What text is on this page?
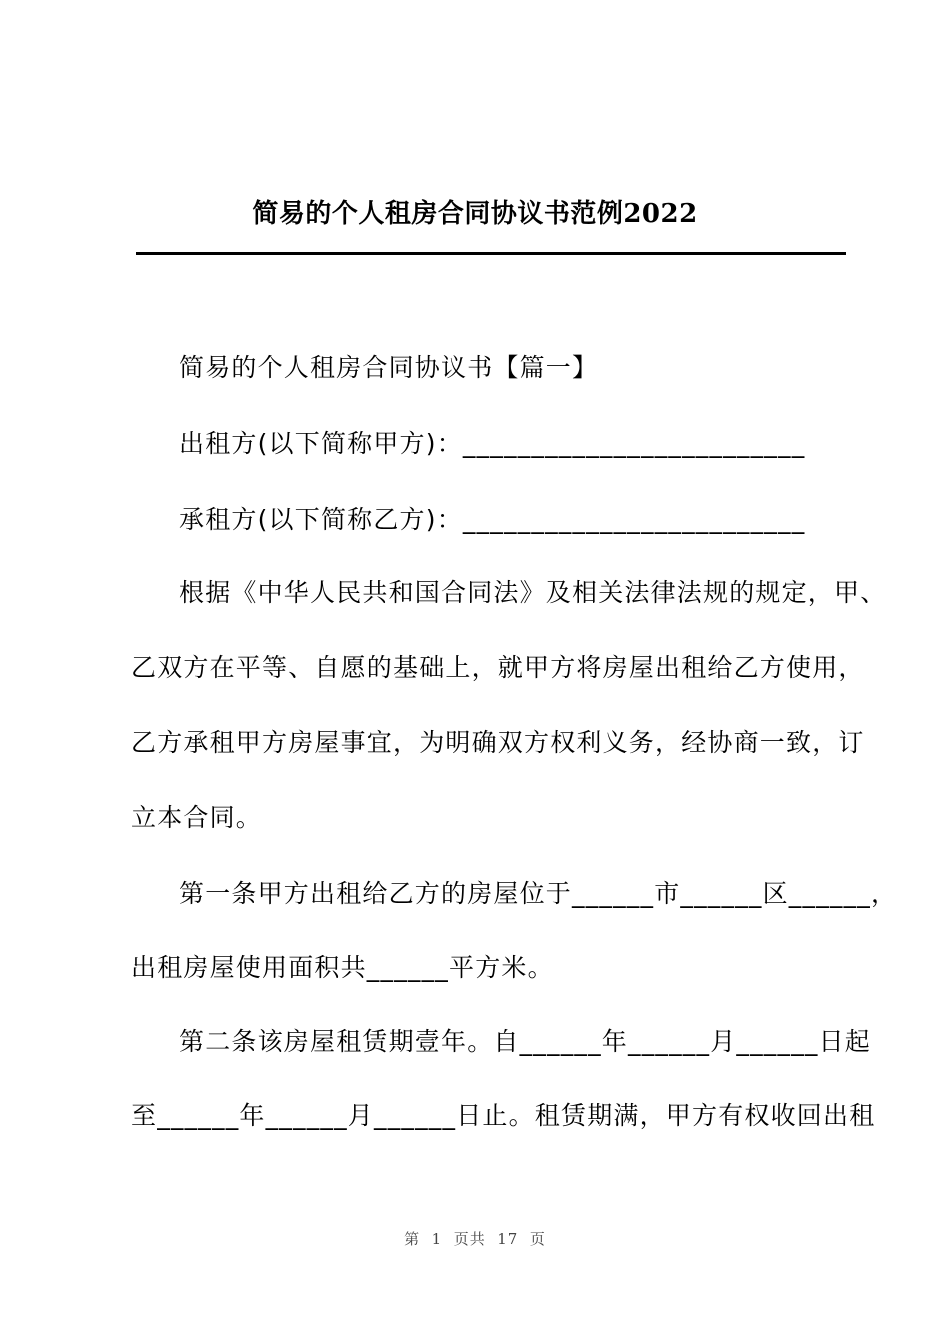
简易的个人租房合同协议书范例2022
简易的个人租房合同协议书【篇一】
出租方(以下简称甲方)：_________________________
承租方(以下简称乙方)：_________________________
根据《中华人民共和国合同法》及相关法律法规的规定，甲、
乙双方在平等、自愿的基础上，就甲方将房屋出租给乙方使用，
乙方承租甲方房屋事宜，为明确双方权利义务，经协商一致，订
立本合同。
第一条甲方出租给乙方的房屋位于______市______区______，
出租房屋使用面积共______平方米。
第二条该房屋租赁期壹年。自______年______月______日起
至______年______月______日止。租赁期满，甲方有权收回出租
第  1  页共  17  页
